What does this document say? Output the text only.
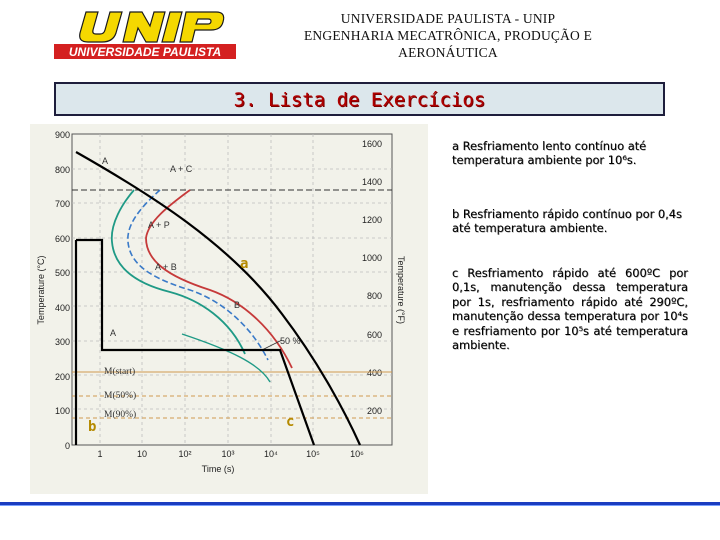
UNIVERSIDADE PAULISTA
UNIVERSIDADE PAULISTA - UNIP
ENGENHARIA MECATRÔNICA, PRODUÇÃO E
AERONÁUTICA
3. Lista de Exercícios
0
100
200
300
400
500
600
700
800
900
200
400
600
800
1000
1200
1400
1600
1	10	10²	10³	10⁴	10⁵	10⁶
Temperature (°C)	Temperature (°F)
Time (s)
M(start)
M(50%)
M(90%)
A
A + C
A + P
A + B
B
A
50 %
a
b	c
a Resfriamento lento contínuo até temperatura ambiente por 10⁶s.
b Resfriamento rápido contínuo por 0,4s até temperatura ambiente.
c Resfriamento rápido até 600ºC por 0,1s, manutenção dessa temperatura por 1s, resfriamento rápido até 290ºC, manutenção dessa temperatura por 10⁴s e resfriamento por 10⁵s até temperatura ambiente.
